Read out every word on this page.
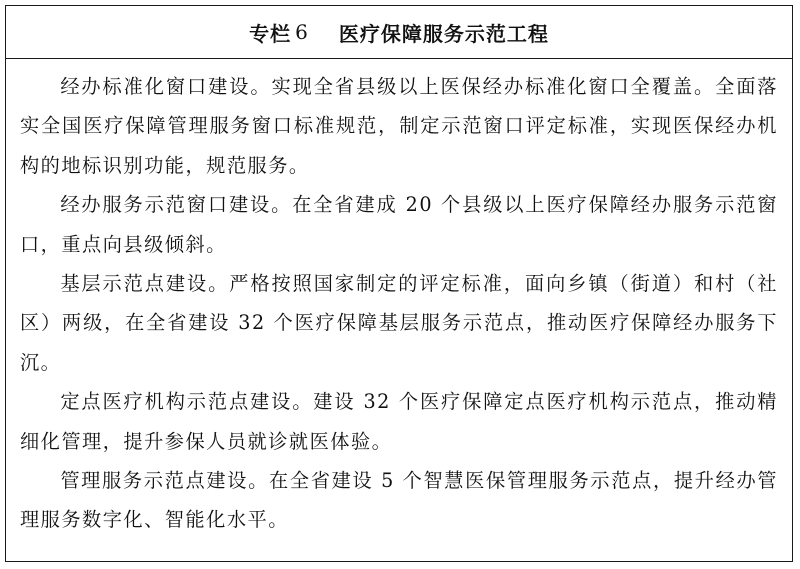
专栏 6 医疗保障服务示范工程

经办标准化窗口建设。实现全省县级以上医保经办标准化窗口全覆盖。全面落实全国医疗保障管理服务窗口标准规范，制定示范窗口评定标准，实现医保经办机构的地标识别功能，规范服务。

经办服务示范窗口建设。在全省建成 20 个县级以上医疗保障经办服务示范窗口，重点向县级倾斜。

基层示范点建设。严格按照国家制定的评定标准，面向乡镇（街道）和村（社区）两级，在全省建设 32 个医疗保障基层服务示范点，推动医疗保障经办服务下沉。

定点医疗机构示范点建设。建设 32 个医疗保障定点医疗机构示范点，推动精细化管理，提升参保人员就诊就医体验。

管理服务示范点建设。在全省建设 5 个智慧医保管理服务示范点，提升经办管理服务数字化、智能化水平。
